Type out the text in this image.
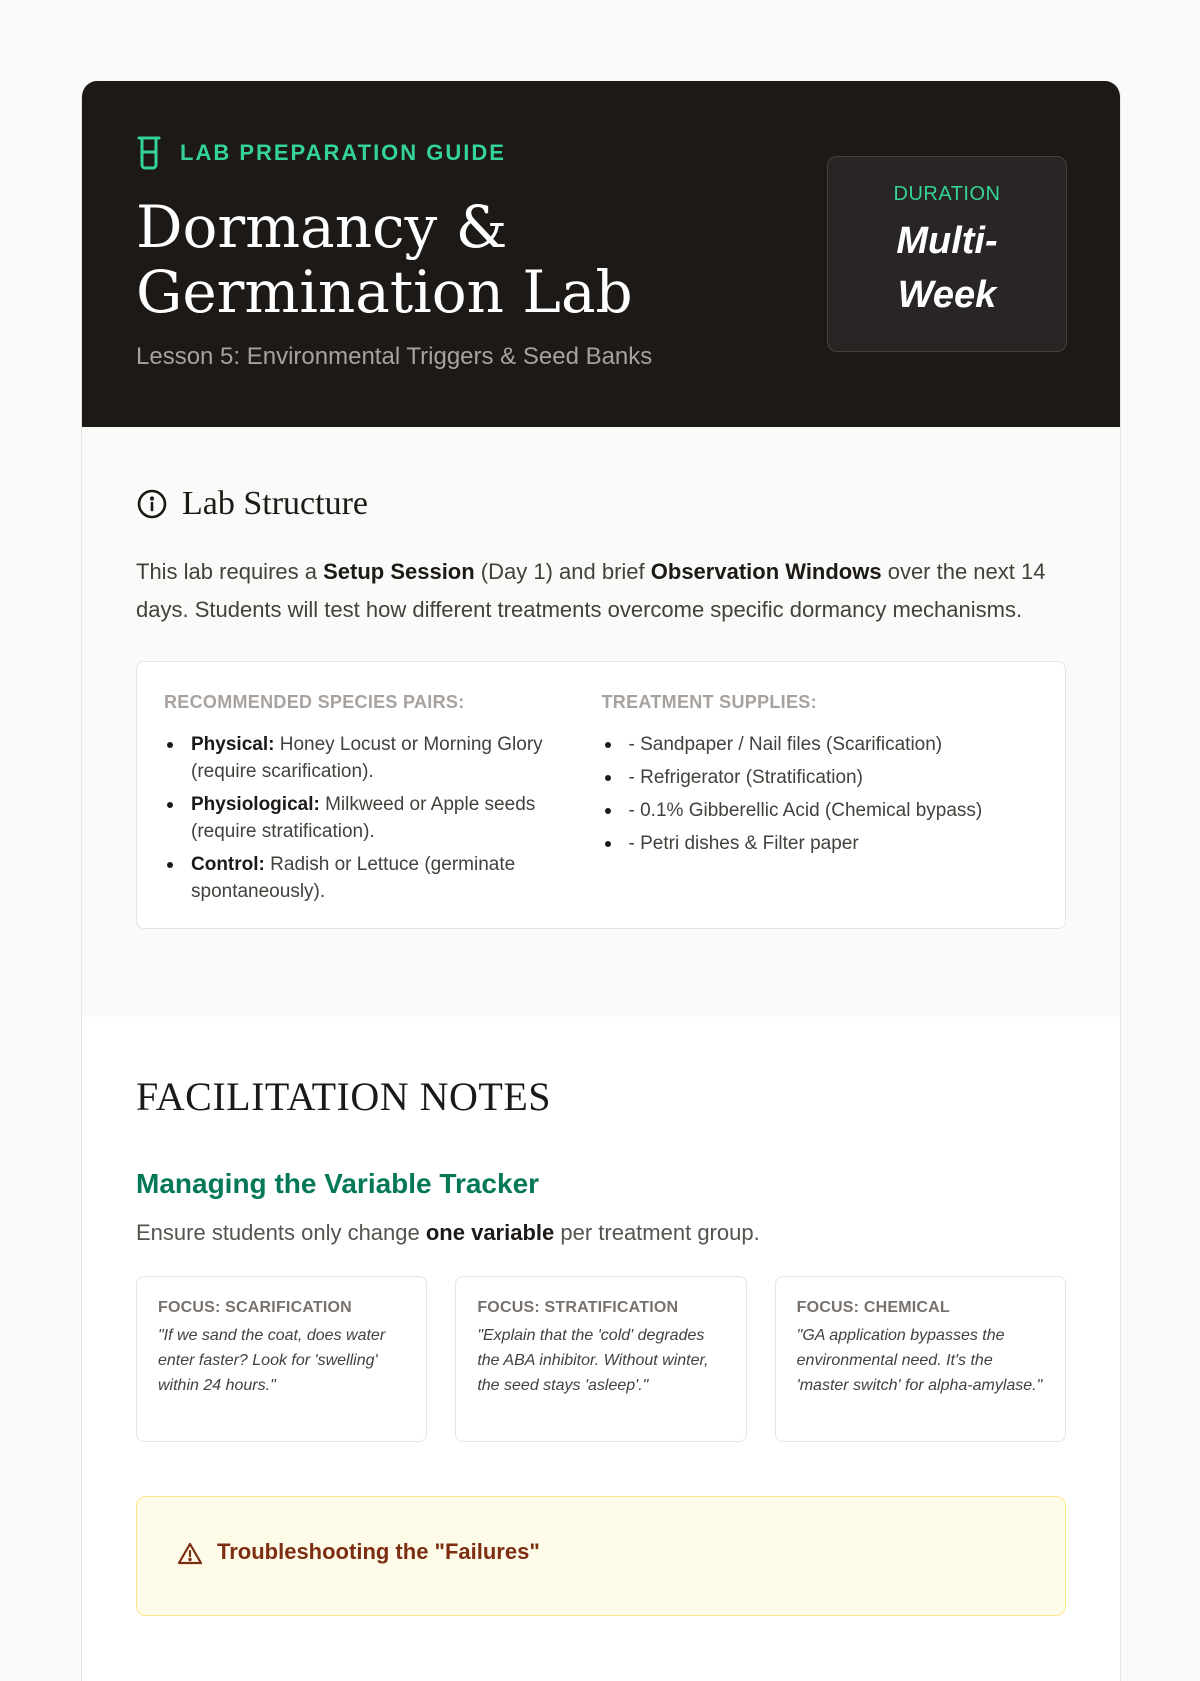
LAB PREPARATION GUIDE
Dormancy & Germination Lab
Lesson 5: Environmental Triggers & Seed Banks
DURATION
Multi-Week
Lab Structure

This lab requires a Setup Session (Day 1) and brief Observation Windows over the next 14 days. Students will test how different treatments overcome specific dormancy mechanisms.

RECOMMENDED SPECIES PAIRS:
Physical: Honey Locust or Morning Glory (require scarification).
Physiological: Milkweed or Apple seeds (require stratification).
Control: Radish or Lettuce (germinate spontaneously).
TREATMENT SUPPLIES:
- Sandpaper / Nail files (Scarification)
- Refrigerator (Stratification)
- 0.1% Gibberellic Acid (Chemical bypass)
- Petri dishes & Filter paper
FACILITATION NOTES
Managing the Variable Tracker

Ensure students only change one variable per treatment group.

FOCUS: SCARIFICATION

"If we sand the coat, does water enter faster? Look for 'swelling' within 24 hours."

FOCUS: STRATIFICATION

"Explain that the 'cold' degrades the ABA inhibitor. Without winter, the seed stays 'asleep'."

FOCUS: CHEMICAL

"GA application bypasses the environmental need. It's the 'master switch' for alpha-amylase."

Troubleshooting the "Failures"
